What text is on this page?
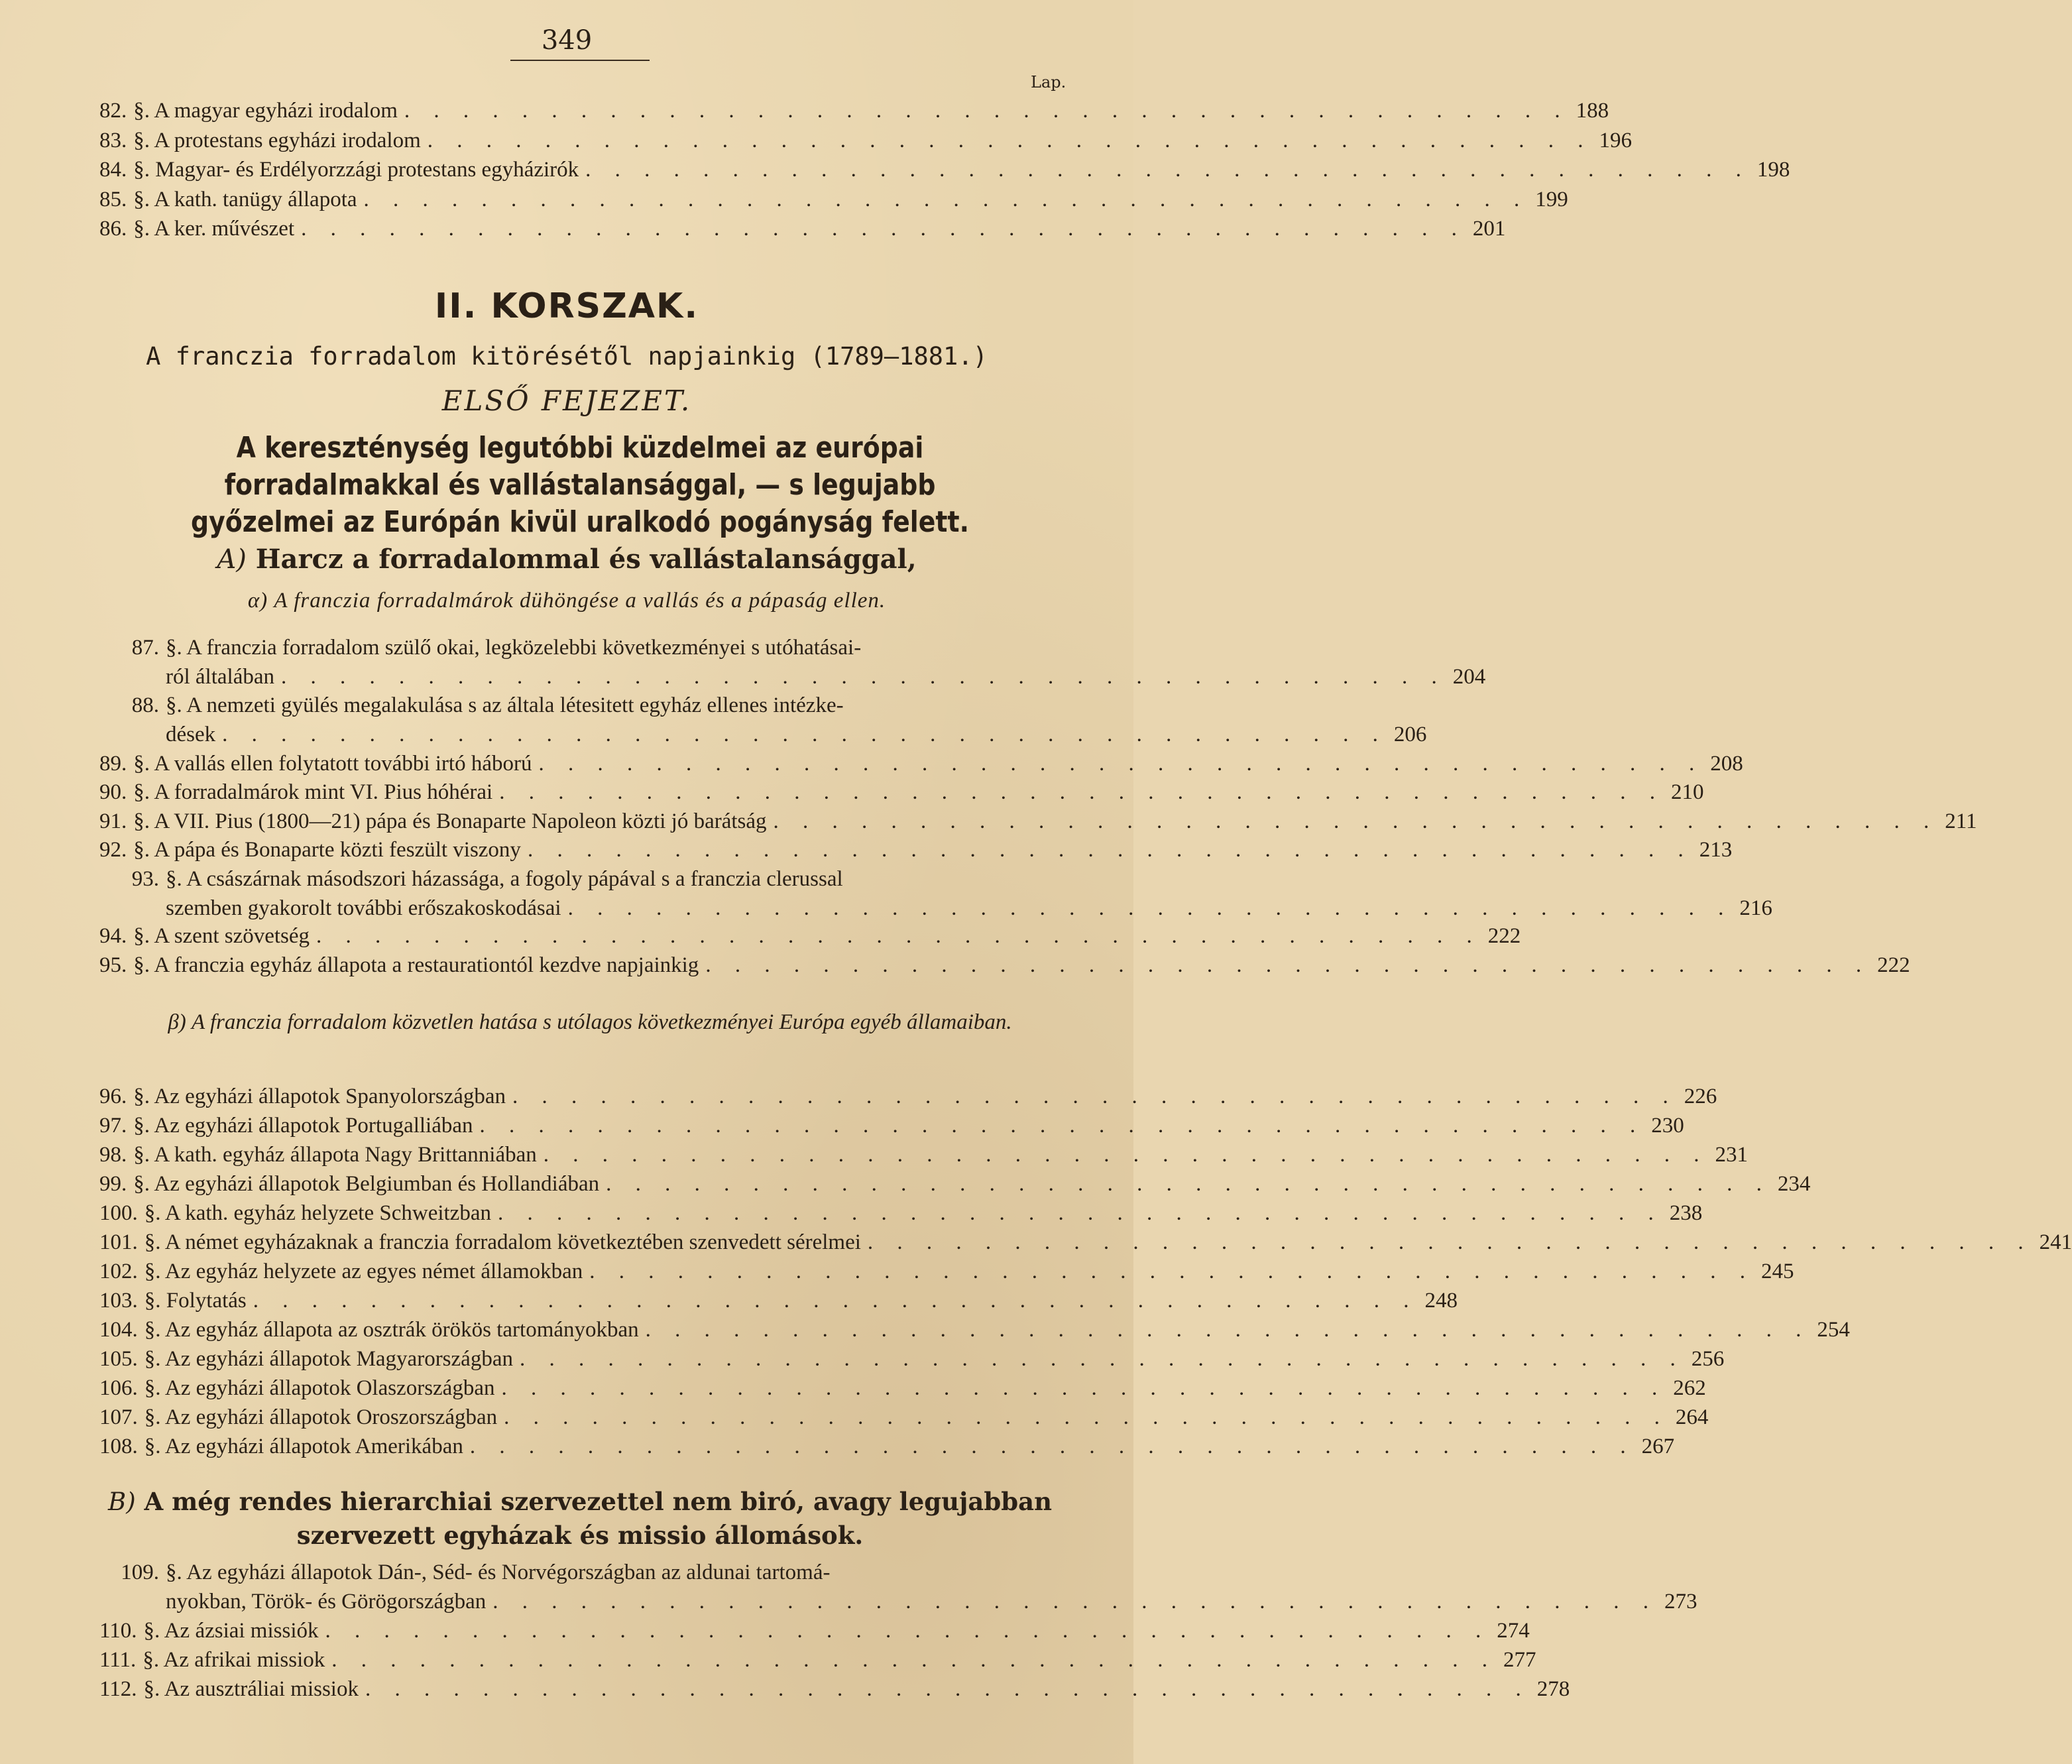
349
Lap.
82. §. A magyar egyházi irodalom . . . . . . . . . . . . . . . . . . . . . . . . . . . . . . . . . . . . . . . . 188
83. §. A protestans egyházi irodalom . . . . . . . . . . . . . . . . . . . . . . . . . . . . . . . . . . . . . . . . 196
84. §. Magyar- és Erdélyorzzági protestans egyházirók . . . . . . . . . . . . . . . . . . . . . . . . . . . . . . . . . . . . . . . . 198
85. §. A kath. tanügy állapota . . . . . . . . . . . . . . . . . . . . . . . . . . . . . . . . . . . . . . . . 199
86. §. A ker. művészet . . . . . . . . . . . . . . . . . . . . . . . . . . . . . . . . . . . . . . . . 201
II. KORSZAK.
A franczia forradalom kitörésétől napjainkig (1789—1881.)
ELSŐ FEJEZET.
A kereszténység legutóbbi küzdelmei az európai forradalmakkal és vallástalansággal, — s legujabb győzelmei az Európán kivül uralkodó pogányság felett.
A) Harcz a forradalommal és vallástalansággal,
α) A franczia forradalmárok dühöngése a vallás és a pápaság ellen.
87. §. A franczia forradalom szülő okai, legközelebbi következményei s utóhatásai-
ról általában . . . . . . . . . . . . . . . . . . . . . . . . . . . . . . . . . . . . . . . . 204
88. §. A nemzeti gyülés megalakulása s az általa létesitett egyház ellenes intézke-
dések . . . . . . . . . . . . . . . . . . . . . . . . . . . . . . . . . . . . . . . . 206
89. §. A vallás ellen folytatott további irtó háború . . . . . . . . . . . . . . . . . . . . . . . . . . . . . . . . . . . . . . . . 208
90. §. A forradalmárok mint VI. Pius hóhérai . . . . . . . . . . . . . . . . . . . . . . . . . . . . . . . . . . . . . . . . 210
91. §. A VII. Pius (1800—21) pápa és Bonaparte Napoleon közti jó barátság . . . . . . . . . . . . . . . . . . . . . . . . . . . . . . . . . . . . . . . . 211
92. §. A pápa és Bonaparte közti feszült viszony . . . . . . . . . . . . . . . . . . . . . . . . . . . . . . . . . . . . . . . . 213
93. §. A császárnak másodszori házassága, a fogoly pápával s a franczia clerussal
szemben gyakorolt további erőszakoskodásai . . . . . . . . . . . . . . . . . . . . . . . . . . . . . . . . . . . . . . . . 216
94. §. A szent szövetség . . . . . . . . . . . . . . . . . . . . . . . . . . . . . . . . . . . . . . . . 222
95. §. A franczia egyház állapota a restaurationtól kezdve napjainkig . . . . . . . . . . . . . . . . . . . . . . . . . . . . . . . . . . . . . . . . 222
β) A franczia forradalom közvetlen hatása s utólagos következményei Európa egyéb államaiban.
96. §. Az egyházi állapotok Spanyolországban . . . . . . . . . . . . . . . . . . . . . . . . . . . . . . . . . . . . . . . . 226
97. §. Az egyházi állapotok Portugalliában . . . . . . . . . . . . . . . . . . . . . . . . . . . . . . . . . . . . . . . . 230
98. §. A kath. egyház állapota Nagy Brittanniában . . . . . . . . . . . . . . . . . . . . . . . . . . . . . . . . . . . . . . . . 231
99. §. Az egyházi állapotok Belgiumban és Hollandiában . . . . . . . . . . . . . . . . . . . . . . . . . . . . . . . . . . . . . . . . 234
100. §. A kath. egyház helyzete Schweitzban . . . . . . . . . . . . . . . . . . . . . . . . . . . . . . . . . . . . . . . . 238
101. §. A német egyházaknak a franczia forradalom következtében szenvedett sérelmei . . . . . . . . . . . . . . . . . . . . . . . . . . . . . . . . . . . . . . . . 241
102. §. Az egyház helyzete az egyes német államokban . . . . . . . . . . . . . . . . . . . . . . . . . . . . . . . . . . . . . . . . 245
103. §. Folytatás . . . . . . . . . . . . . . . . . . . . . . . . . . . . . . . . . . . . . . . . 248
104. §. Az egyház állapota az osztrák örökös tartományokban . . . . . . . . . . . . . . . . . . . . . . . . . . . . . . . . . . . . . . . . 254
105. §. Az egyházi állapotok Magyarországban . . . . . . . . . . . . . . . . . . . . . . . . . . . . . . . . . . . . . . . . 256
106. §. Az egyházi állapotok Olaszországban . . . . . . . . . . . . . . . . . . . . . . . . . . . . . . . . . . . . . . . . 262
107. §. Az egyházi állapotok Oroszországban . . . . . . . . . . . . . . . . . . . . . . . . . . . . . . . . . . . . . . . . 264
108. §. Az egyházi állapotok Amerikában . . . . . . . . . . . . . . . . . . . . . . . . . . . . . . . . . . . . . . . . 267
B) A még rendes hierarchiai szervezettel nem biró, avagy legujabban szervezett egyházak és missio állomások.
109. §. Az egyházi állapotok Dán-, Séd- és Norvégországban az aldunai tartomá-
nyokban, Török- és Görögországban . . . . . . . . . . . . . . . . . . . . . . . . . . . . . . . . . . . . . . . . 273
110. §. Az ázsiai missiók . . . . . . . . . . . . . . . . . . . . . . . . . . . . . . . . . . . . . . . . 274
111. §. Az afrikai missiok . . . . . . . . . . . . . . . . . . . . . . . . . . . . . . . . . . . . . . . . 277
112. §. Az ausztráliai missiok . . . . . . . . . . . . . . . . . . . . . . . . . . . . . . . . . . . . . . . . 278
